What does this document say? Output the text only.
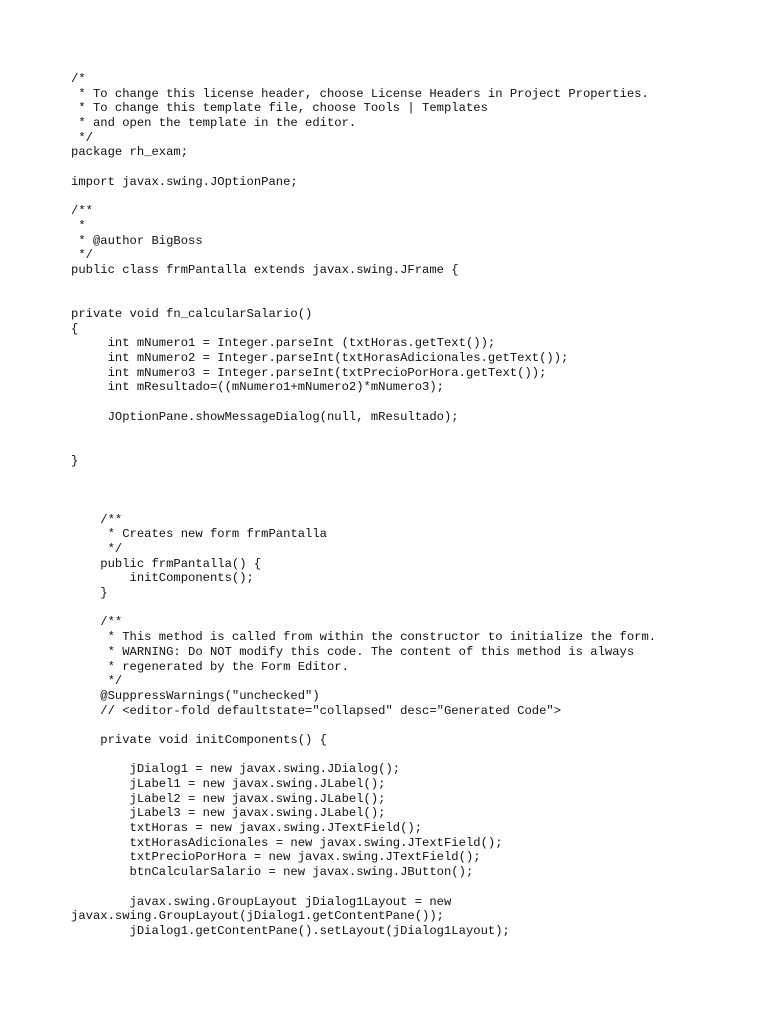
/*
* To change this license header, choose License Headers in Project Properties.
* To change this template file, choose Tools | Templates
* and open the template in the editor.
*/
package rh_exam;
import javax.swing.JOptionPane;
/**
*
* @author BigBoss
*/
public class frmPantalla extends javax.swing.JFrame {
private void fn_calcularSalario()
{
int mNumero1 = Integer.parseInt (txtHoras.getText());
int mNumero2 = Integer.parseInt(txtHorasAdicionales.getText());
int mNumero3 = Integer.parseInt(txtPrecioPorHora.getText());
int mResultado=((mNumero1+mNumero2)*mNumero3);
JOptionPane.showMessageDialog(null, mResultado);
}
/**
* Creates new form frmPantalla
*/
public frmPantalla() {
initComponents();
}
/**
* This method is called from within the constructor to initialize the form.
* WARNING: Do NOT modify this code. The content of this method is always
* regenerated by the Form Editor.
*/
@SuppressWarnings("unchecked")
// <editor-fold defaultstate="collapsed" desc="Generated Code">
private void initComponents() {
jDialog1 = new javax.swing.JDialog();
jLabel1 = new javax.swing.JLabel();
jLabel2 = new javax.swing.JLabel();
jLabel3 = new javax.swing.JLabel();
txtHoras = new javax.swing.JTextField();
txtHorasAdicionales = new javax.swing.JTextField();
txtPrecioPorHora = new javax.swing.JTextField();
btnCalcularSalario = new javax.swing.JButton();
javax.swing.GroupLayout jDialog1Layout = new
javax.swing.GroupLayout(jDialog1.getContentPane());
jDialog1.getContentPane().setLayout(jDialog1Layout);
